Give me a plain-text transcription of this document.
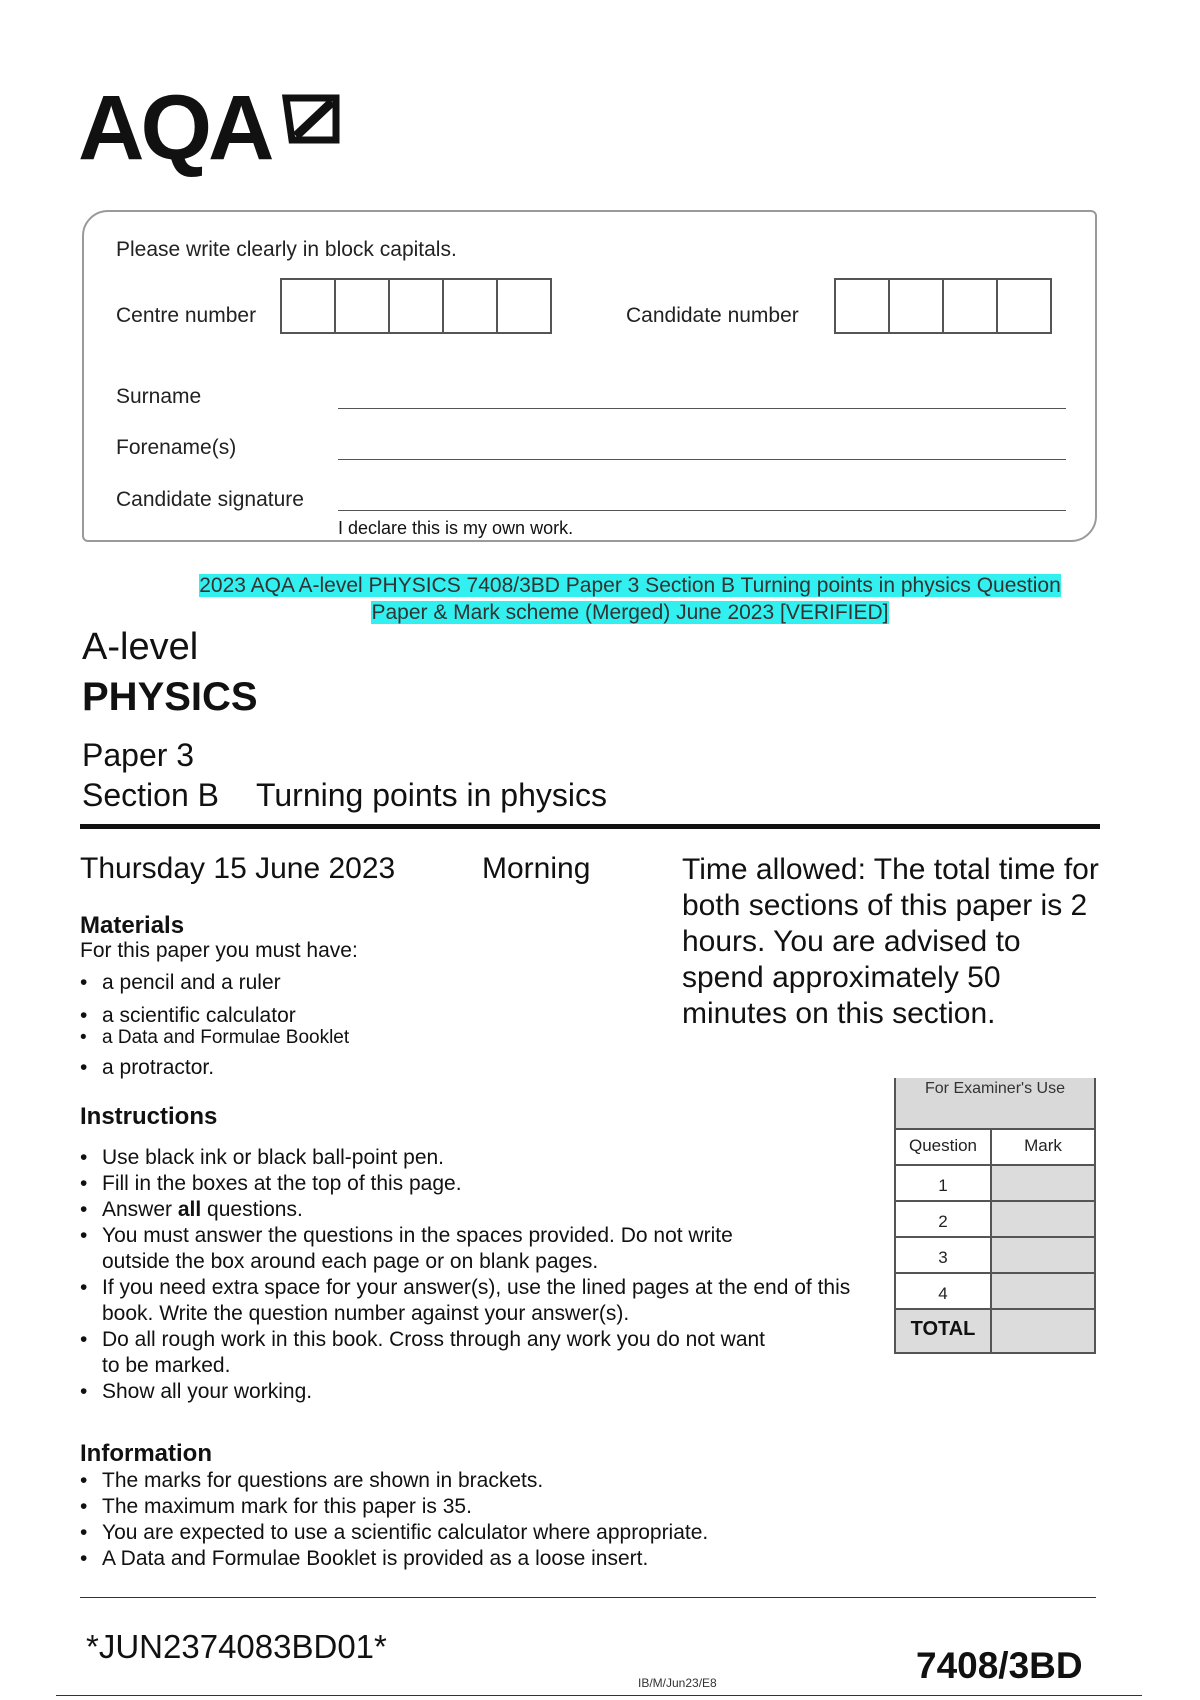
AQA
Please write clearly in block capitals.
Centre number	Candidate number
Surname
Forename(s)
Candidate signature
I declare this is my own work.
2023 AQA A-level PHYSICS 7408/3BD Paper 3 Section B Turning points in physics Question Paper & Mark scheme (Merged) June 2023 [VERIFIED]
A-level
PHYSICS
Paper 3
Section B Turning points in physics
Thursday 15 June 2023	Morning	Time allowed: The total time for both sections of this paper is 2 hours. You are advised to spend approximately 50 minutes on this section.
Materials
For this paper you must have:
• a pencil and a ruler
• a scientific calculator
• a Data and Formulae Booklet
• a protractor.
Instructions
• Use black ink or black ball-point pen.
• Fill in the boxes at the top of this page.
• Answer all questions.
• You must answer the questions in the spaces provided. Do not write outside the box around each page or on blank pages.
• If you need extra space for your answer(s), use the lined pages at the end of this book. Write the question number against your answer(s).
• Do all rough work in this book. Cross through any work you do not want to be marked.
• Show all your working.
Information
• The marks for questions are shown in brackets.
• The maximum mark for this paper is 35.
• You are expected to use a scientific calculator where appropriate.
• A Data and Formulae Booklet is provided as a loose insert.
For Examiner's Use
Question	Mark
1
2
3
4
TOTAL
*JUN2374083BD01*
IB/M/Jun23/E8	7408/3BD
